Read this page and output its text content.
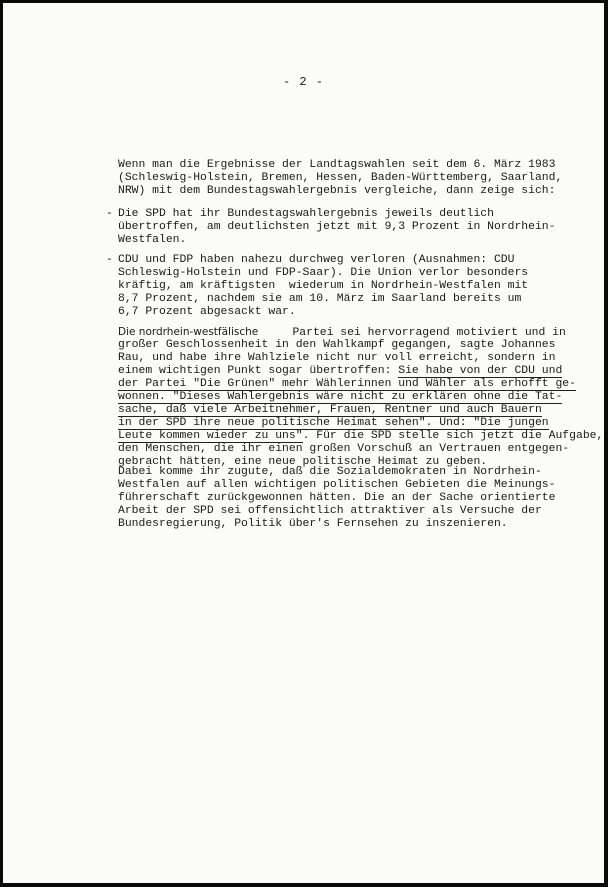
- 2 -
Wenn man die Ergebnisse der Landtagswahlen seit dem 6. März 1983
(Schleswig-Holstein, Bremen, Hessen, Baden-Württemberg, Saarland,
NRW) mit dem Bundestagswahlergebnis vergleiche, dann zeige sich:
- Die SPD hat ihr Bundestagswahlergebnis jeweils deutlich
übertroffen, am deutlichsten jetzt mit 9,3 Prozent in Nordrhein-
Westfalen.
- CDU und FDP haben nahezu durchweg verloren (Ausnahmen: CDU
Schleswig-Holstein und FDP-Saar). Die Union verlor besonders
kräftig, am kräftigsten  wiederum in Nordrhein-Westfalen mit
8,7 Prozent, nachdem sie am 10. März im Saarland bereits um
6,7 Prozent abgesackt war.
Die nordrhein-westfälische	Partei sei hervorragend motiviert und in
großer Geschlossenheit in den Wahlkampf gegangen, sagte Johannes
Rau, und habe ihre Wahlziele nicht nur voll erreicht, sondern in
einem wichtigen Punkt sogar übertroffen: Sie habe von der CDU und
der Partei "Die Grünen" mehr Wählerinnen und Wähler als erhofft ge-
wonnen. "Dieses Wahlergebnis wäre nicht zu erklären ohne die Tat-
sache, daß viele Arbeitnehmer, Frauen, Rentner und auch Bauern
in der SPD ihre neue politische Heimat sehen". Und: "Die jungen
Leute kommen wieder zu uns". Für die SPD stelle sich jetzt die Aufgabe,
den Menschen, die ihr einen großen Vorschuß an Vertrauen entgegen-
gebracht hätten, eine neue politische Heimat zu geben.
Dabei komme ihr zugute, daß die Sozialdemokraten in Nordrhein-
Westfalen auf allen wichtigen politischen Gebieten die Meinungs-
führerschaft zurückgewonnen hätten. Die an der Sache orientierte
Arbeit der SPD sei offensichtlich attraktiver als Versuche der
Bundesregierung, Politik über's Fernsehen zu inszenieren.
